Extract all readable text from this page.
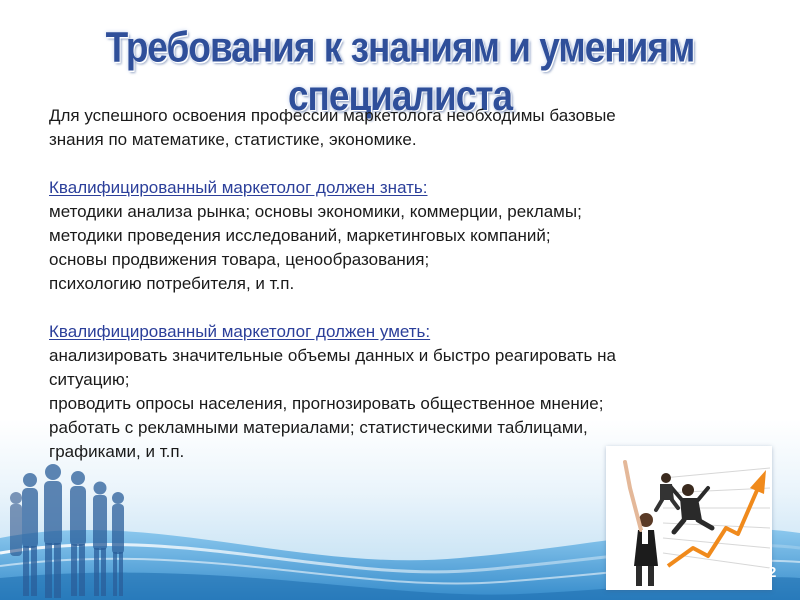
2
Требования к знаниям и умениям специалиста

Для успешного освоения профессии маркетолога необходимы базовые

знания по математике, статистике, экономике.

Квалифицированный маркетолог должен знать:

методики анализа рынка; основы экономики, коммерции, рекламы;

методики проведения исследований, маркетинговых компаний;

основы продвижения товара, ценообразования;

психологию потребителя, и т.п.

Квалифицированный маркетолог должен уметь:

анализировать значительные объемы данных и быстро реагировать на

ситуацию;

проводить опросы населения, прогнозировать общественное мнение;

работать с рекламными материалами; статистическими таблицами,

графиками, и т.п.
